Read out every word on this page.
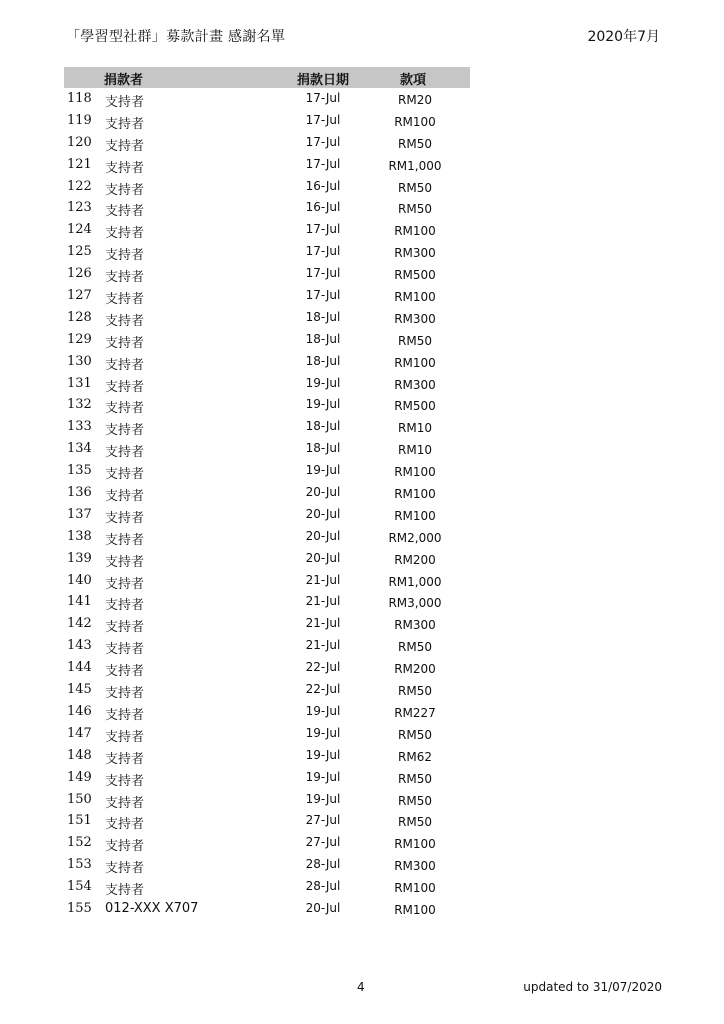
「學習型社群」募款計畫 感謝名單	2020年7月
捐款者	捐款日期	款項
118 支持者	17-Jul	RM20
119 支持者	17-Jul	RM100
120 支持者	17-Jul	RM50
121 支持者	17-Jul	RM1,000
122 支持者	16-Jul	RM50
123 支持者	16-Jul	RM50
124 支持者	17-Jul	RM100
125 支持者	17-Jul	RM300
126 支持者	17-Jul	RM500
127 支持者	17-Jul	RM100
128 支持者	18-Jul	RM300
129 支持者	18-Jul	RM50
130 支持者	18-Jul	RM100
131 支持者	19-Jul	RM300
132 支持者	19-Jul	RM500
133 支持者	18-Jul	RM10
134 支持者	18-Jul	RM10
135 支持者	19-Jul	RM100
136 支持者	20-Jul	RM100
137 支持者	20-Jul	RM100
138 支持者	20-Jul	RM2,000
139 支持者	20-Jul	RM200
140 支持者	21-Jul	RM1,000
141 支持者	21-Jul	RM3,000
142 支持者	21-Jul	RM300
143 支持者	21-Jul	RM50
144 支持者	22-Jul	RM200
145 支持者	22-Jul	RM50
146 支持者	19-Jul	RM227
147 支持者	19-Jul	RM50
148 支持者	19-Jul	RM62
149 支持者	19-Jul	RM50
150 支持者	19-Jul	RM50
151 支持者	27-Jul	RM50
152 支持者	27-Jul	RM100
153 支持者	28-Jul	RM300
154 支持者	28-Jul	RM100
155 012-XXX X707	20-Jul	RM100
4	updated to 31/07/2020
